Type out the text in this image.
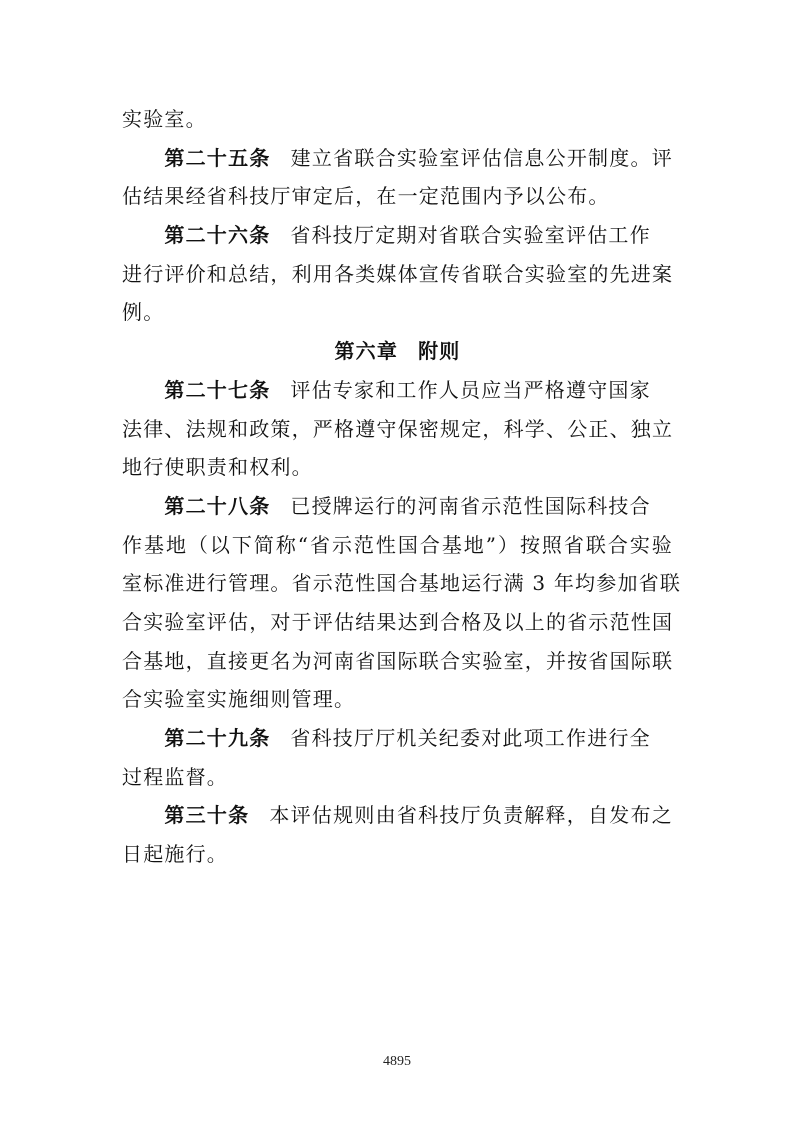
实验室。
第二十五条 建立省联合实验室评估信息公开制度。评
估结果经省科技厅审定后，在一定范围内予以公布。
第二十六条 省科技厅定期对省联合实验室评估工作
进行评价和总结，利用各类媒体宣传省联合实验室的先进案
例。
第六章 附则
第二十七条 评估专家和工作人员应当严格遵守国家
法律、法规和政策，严格遵守保密规定，科学、公正、独立
地行使职责和权利。
第二十八条 已授牌运行的河南省示范性国际科技合
作基地（以下简称“省示范性国合基地”）按照省联合实验
室标准进行管理。省示范性国合基地运行满 3 年均参加省联
合实验室评估，对于评估结果达到合格及以上的省示范性国
合基地，直接更名为河南省国际联合实验室，并按省国际联
合实验室实施细则管理。
第二十九条 省科技厅厅机关纪委对此项工作进行全
过程监督。
第三十条 本评估规则由省科技厅负责解释，自发布之
日起施行。
4895
